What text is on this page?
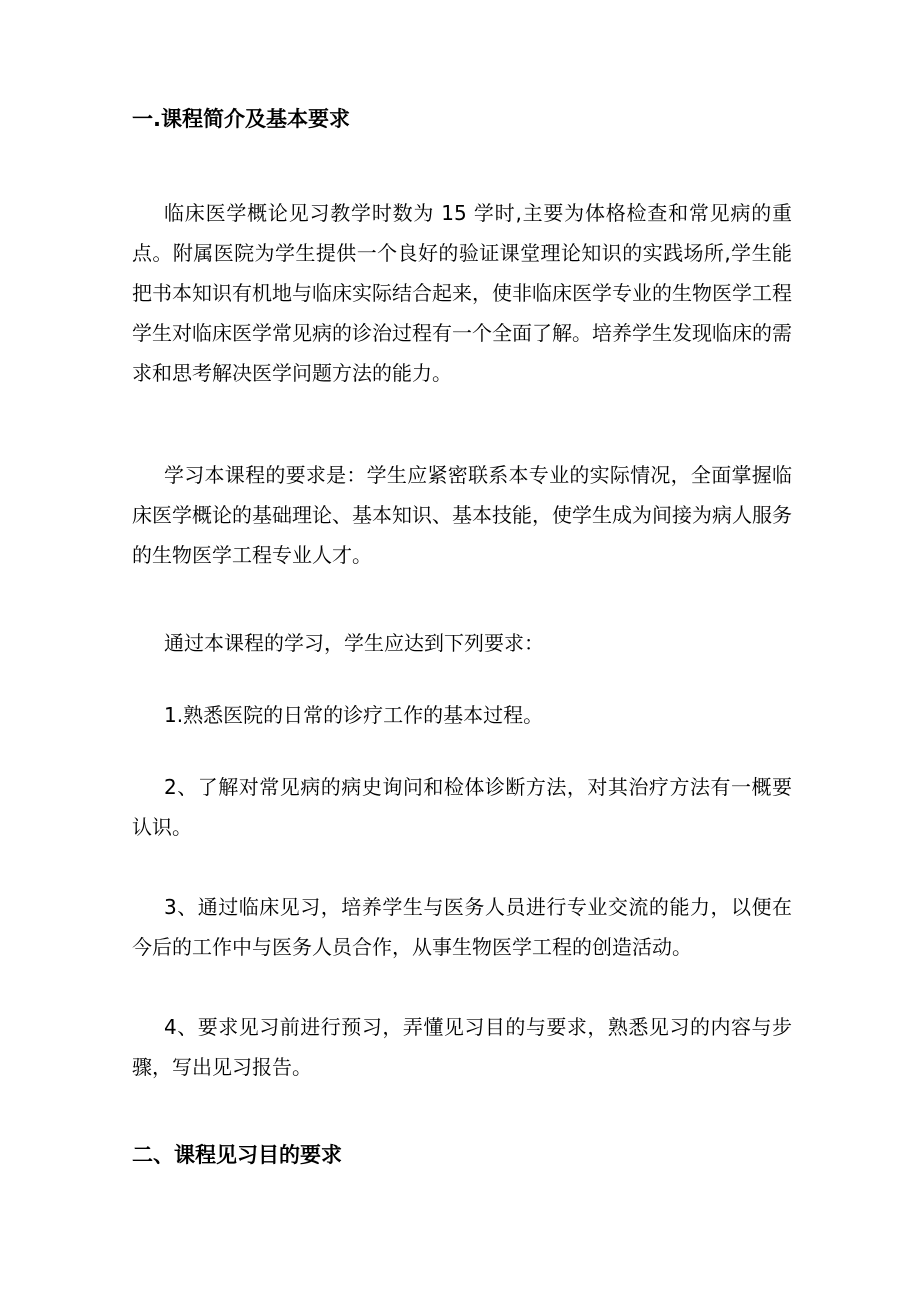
一.课程简介及基本要求
临床医学概论见习教学时数为 15 学时,主要为体格检查和常见病的重点。附属医院为学生提供一个良好的验证课堂理论知识的实践场所,学生能把书本知识有机地与临床实际结合起来，使非临床医学专业的生物医学工程学生对临床医学常见病的诊治过程有一个全面了解。培养学生发现临床的需求和思考解决医学问题方法的能力。
学习本课程的要求是：学生应紧密联系本专业的实际情况，全面掌握临床医学概论的基础理论、基本知识、基本技能，使学生成为间接为病人服务的生物医学工程专业人才。
通过本课程的学习，学生应达到下列要求：
1.熟悉医院的日常的诊疗工作的基本过程。
2、了解对常见病的病史询问和检体诊断方法，对其治疗方法有一概要认识。
3、通过临床见习，培养学生与医务人员进行专业交流的能力，以便在今后的工作中与医务人员合作，从事生物医学工程的创造活动。
4、要求见习前进行预习，弄懂见习目的与要求，熟悉见习的内容与步骤，写出见习报告。
二、课程见习目的要求
